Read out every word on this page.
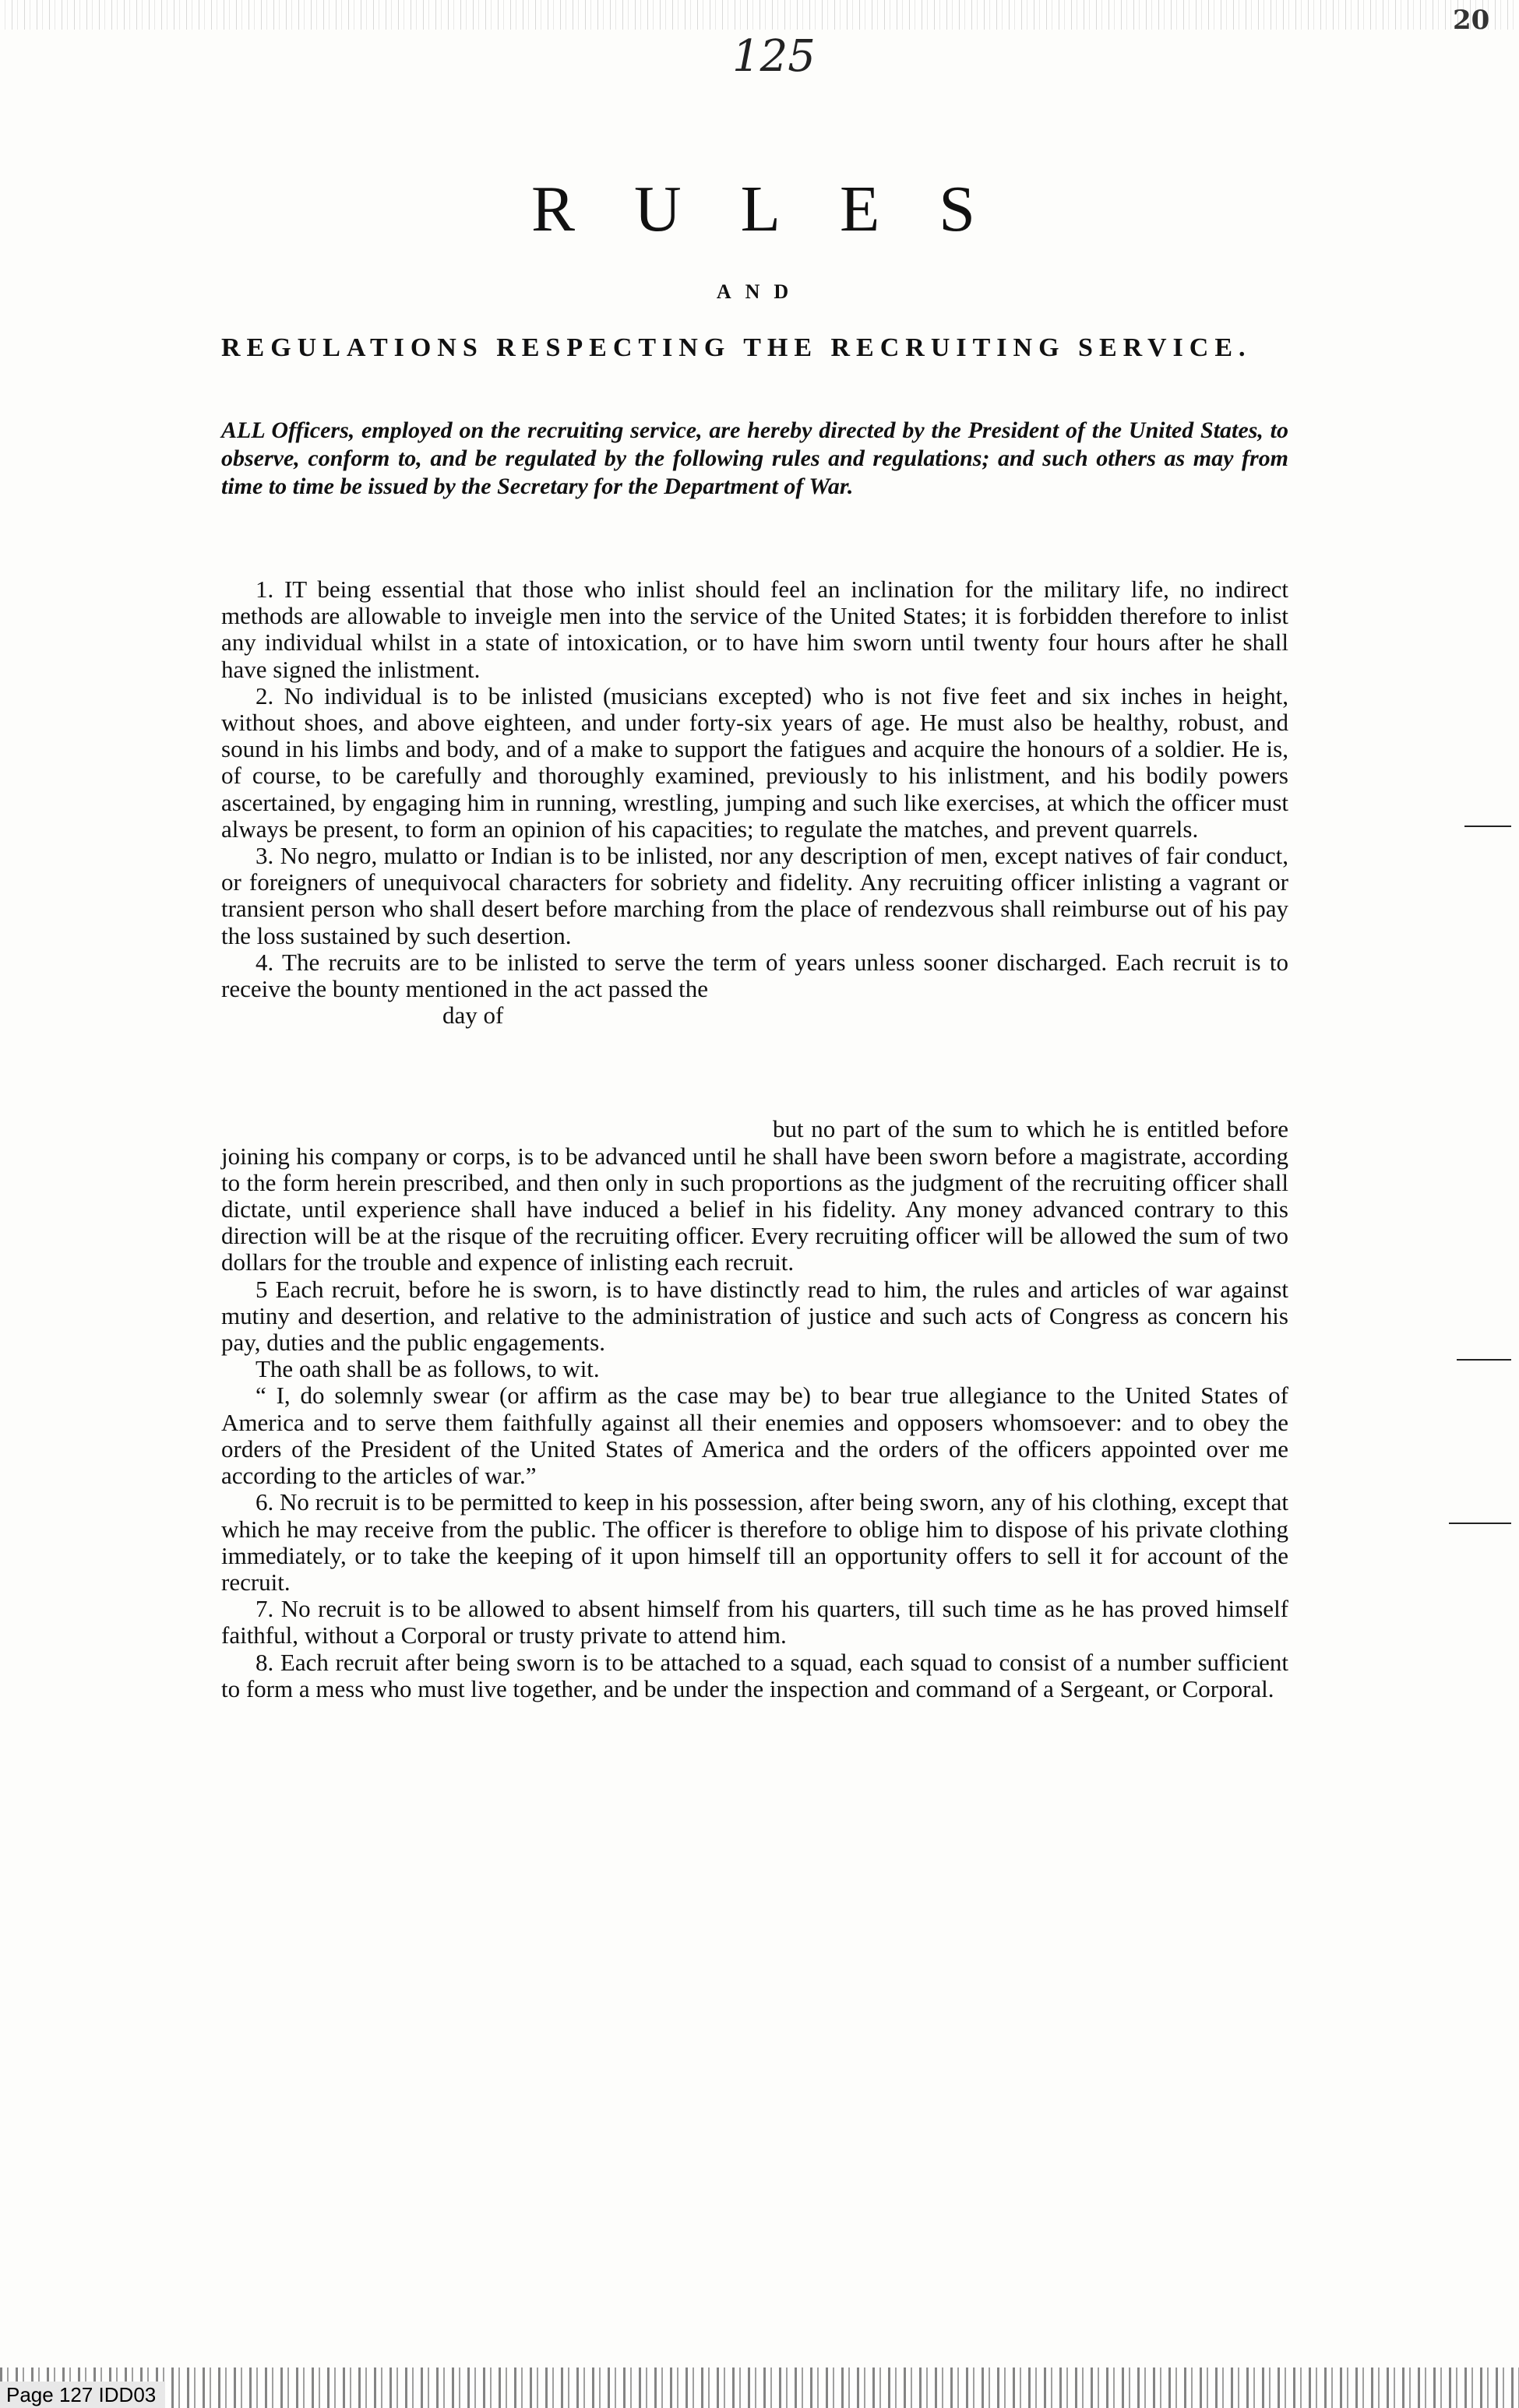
20
125
RULES
AND
REGULATIONS RESPECTING THE RECRUITING SERVICE.
ALL Officers, employed on the recruiting service, are hereby directed by the President of the United States, to observe, conform to, and be regulated by the following rules and regulations; and such others as may from time to time be issued by the Secretary for the Department of War.

1. IT being essential that those who inlist should feel an inclination for the military life, no indirect methods are allowable to inveigle men into the service of the United States; it is forbidden therefore to inlist any individual whilst in a state of intoxication, or to have him sworn until twenty four hours after he shall have signed the inlistment.

2. No individual is to be inlisted (musicians excepted) who is not five feet and six inches in height, without shoes, and above eighteen, and under forty-six years of age. He must also be healthy, robust, and sound in his limbs and body, and of a make to support the fatigues and acquire the honours of a soldier. He is, of course, to be carefully and thoroughly examined, previously to his inlistment, and his bodily powers ascertained, by engaging him in running, wrestling, jumping and such like exercises, at which the officer must always be present, to form an opinion of his capacities; to regulate the matches, and prevent quarrels.

3. No negro, mulatto or Indian is to be inlisted, nor any description of men, except natives of fair conduct, or foreigners of unequivocal characters for sobriety and fidelity. Any recruiting officer inlisting a vagrant or transient person who shall desert before marching from the place of rendezvous shall reimburse out of his pay the loss sustained by such desertion.

4. The recruits are to be inlisted to serve the term of years unless sooner discharged. Each recruit is to receive the bounty mentioned in the act passed the

day of

but no part of the sum to which he is entitled before joining his company or corps, is to be advanced until he shall have been sworn before a magistrate, according to the form herein prescribed, and then only in such proportions as the judgment of the recruiting officer shall dictate, until experience shall have induced a belief in his fidelity. Any money advanced contrary to this direction will be at the risque of the recruiting officer. Every recruiting officer will be allowed the sum of two dollars for the trouble and expence of inlisting each recruit.

5 Each recruit, before he is sworn, is to have distinctly read to him, the rules and articles of war against mutiny and desertion, and relative to the administration of justice and such acts of Congress as concern his pay, duties and the public engagements.

The oath shall be as follows, to wit.

“ I, do solemnly swear (or affirm as the case may be) to bear true allegiance to the United States of America and to serve them faithfully against all their enemies and opposers whomsoever: and to obey the orders of the President of the United States of America and the orders of the officers appointed over me according to the articles of war.”

6. No recruit is to be permitted to keep in his possession, after being sworn, any of his clothing, except that which he may receive from the public. The officer is therefore to oblige him to dispose of his private clothing immediately, or to take the keeping of it upon himself till an opportunity offers to sell it for account of the recruit.

7. No recruit is to be allowed to absent himself from his quarters, till such time as he has proved himself faithful, without a Corporal or trusty private to attend him.

8. Each recruit after being sworn is to be attached to a squad, each squad to consist of a number sufficient to form a mess who must live together, and be under the inspection and command of a Sergeant, or Corporal.

Page 127 IDD03
